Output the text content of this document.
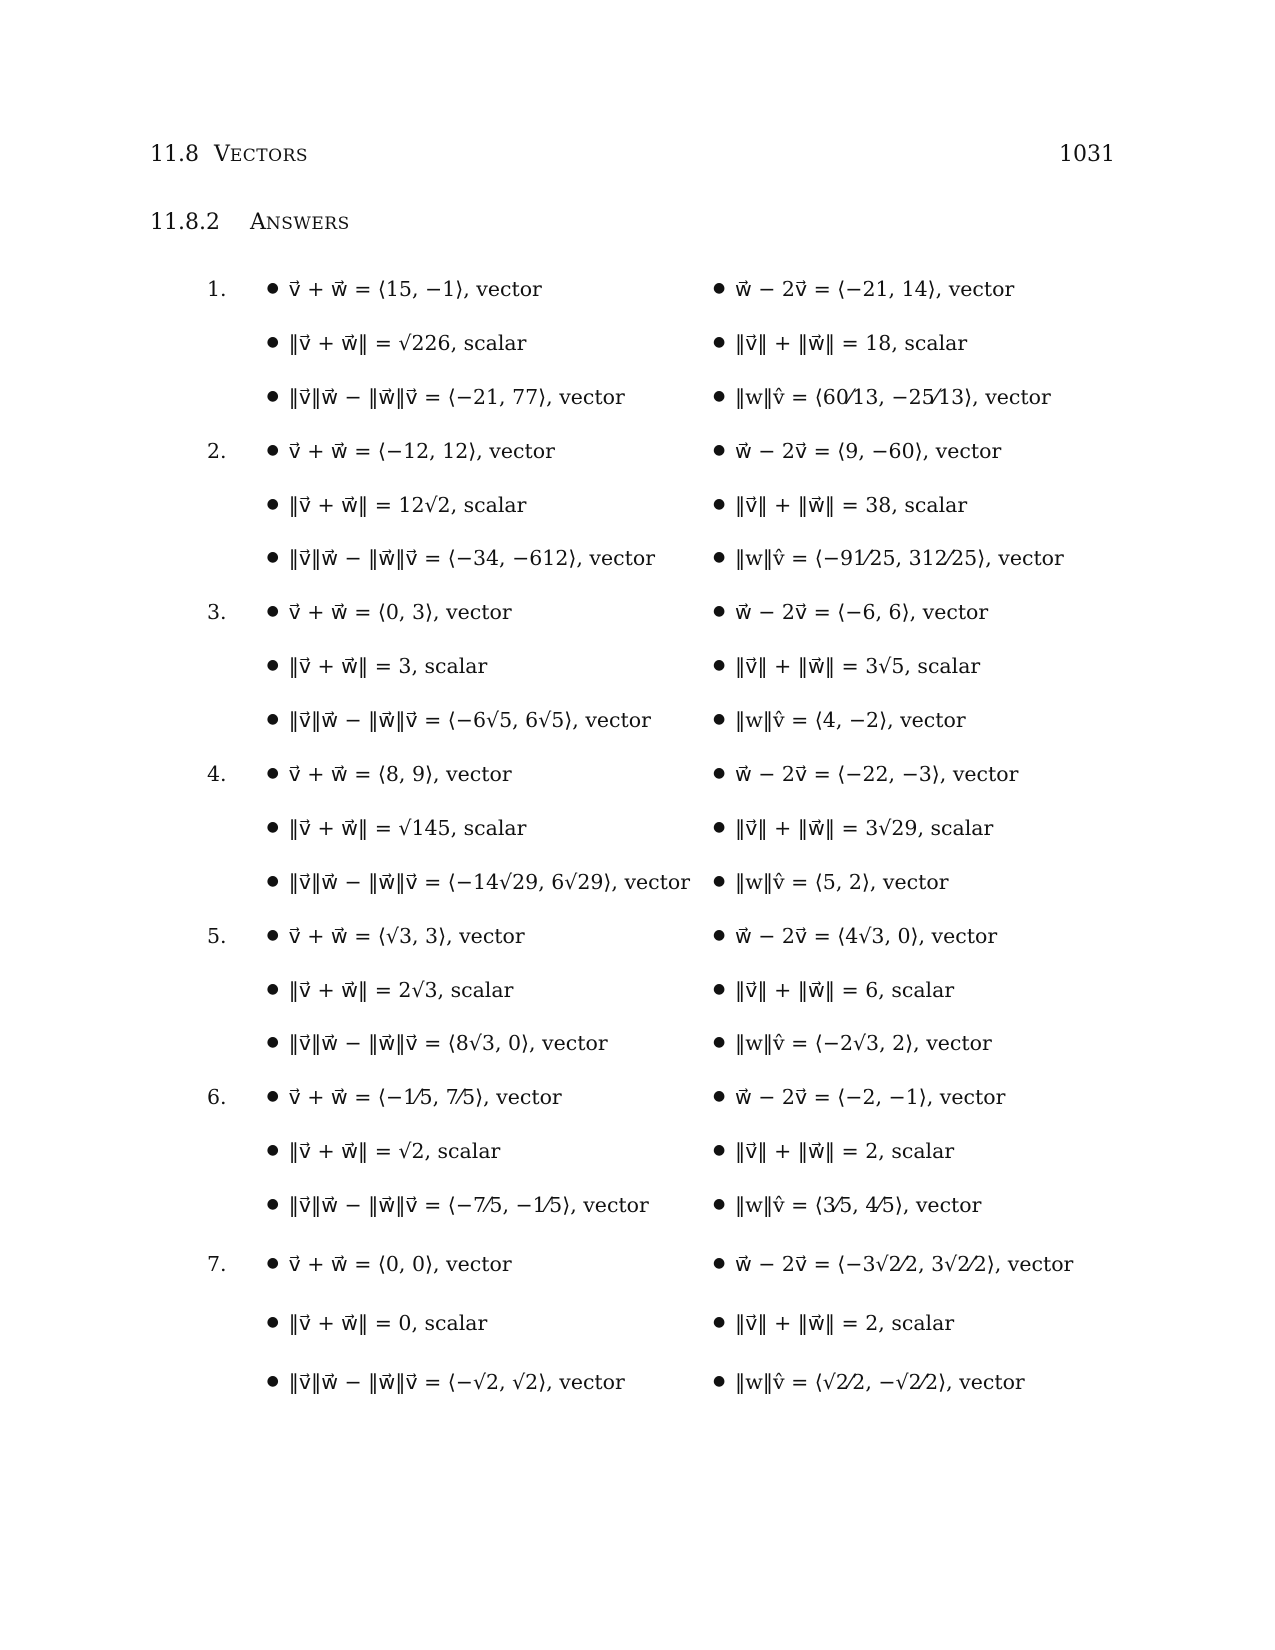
11.8 VECTORS	1031
11.8.2 ANSWERS
1.	● v⃗ + w⃗ = ⟨15, −1⟩, vector	● w⃗ − 2v⃗ = ⟨−21, 14⟩, vector
● ‖v⃗ + w⃗‖ = √226, scalar	● ‖v⃗‖ + ‖w⃗‖ = 18, scalar
● ‖v⃗‖w⃗ − ‖w⃗‖v⃗ = ⟨−21, 77⟩, vector	● ‖w‖v̂ = ⟨60⁄13, −25⁄13⟩, vector
2.	● v⃗ + w⃗ = ⟨−12, 12⟩, vector	● w⃗ − 2v⃗ = ⟨9, −60⟩, vector
● ‖v⃗ + w⃗‖ = 12√2, scalar	● ‖v⃗‖ + ‖w⃗‖ = 38, scalar
● ‖v⃗‖w⃗ − ‖w⃗‖v⃗ = ⟨−34, −612⟩, vector	● ‖w‖v̂ = ⟨−91⁄25, 312⁄25⟩, vector
3.	● v⃗ + w⃗ = ⟨0, 3⟩, vector	● w⃗ − 2v⃗ = ⟨−6, 6⟩, vector
● ‖v⃗ + w⃗‖ = 3, scalar	● ‖v⃗‖ + ‖w⃗‖ = 3√5, scalar
● ‖v⃗‖w⃗ − ‖w⃗‖v⃗ = ⟨−6√5, 6√5⟩, vector	● ‖w‖v̂ = ⟨4, −2⟩, vector
4.	● v⃗ + w⃗ = ⟨8, 9⟩, vector	● w⃗ − 2v⃗ = ⟨−22, −3⟩, vector
● ‖v⃗ + w⃗‖ = √145, scalar	● ‖v⃗‖ + ‖w⃗‖ = 3√29, scalar
● ‖v⃗‖w⃗ − ‖w⃗‖v⃗ = ⟨−14√29, 6√29⟩, vector ● ‖w‖v̂ = ⟨5, 2⟩, vector
5.	● v⃗ + w⃗ = ⟨√3, 3⟩, vector	● w⃗ − 2v⃗ = ⟨4√3, 0⟩, vector
● ‖v⃗ + w⃗‖ = 2√3, scalar	● ‖v⃗‖ + ‖w⃗‖ = 6, scalar
● ‖v⃗‖w⃗ − ‖w⃗‖v⃗ = ⟨8√3, 0⟩, vector	● ‖w‖v̂ = ⟨−2√3, 2⟩, vector
6.	● v⃗ + w⃗ = ⟨−1⁄5, 7⁄5⟩, vector	● w⃗ − 2v⃗ = ⟨−2, −1⟩, vector
● ‖v⃗ + w⃗‖ = √2, scalar	● ‖v⃗‖ + ‖w⃗‖ = 2, scalar
● ‖v⃗‖w⃗ − ‖w⃗‖v⃗ = ⟨−7⁄5, −1⁄5⟩, vector	● ‖w‖v̂ = ⟨3⁄5, 4⁄5⟩, vector
7.	● v⃗ + w⃗ = ⟨0, 0⟩, vector	● w⃗ − 2v⃗ = ⟨−3√2⁄2, 3√2⁄2⟩, vector
● ‖v⃗ + w⃗‖ = 0, scalar	● ‖v⃗‖ + ‖w⃗‖ = 2, scalar
● ‖v⃗‖w⃗ − ‖w⃗‖v⃗ = ⟨−√2, √2⟩, vector	● ‖w‖v̂ = ⟨√2⁄2, −√2⁄2⟩, vector
